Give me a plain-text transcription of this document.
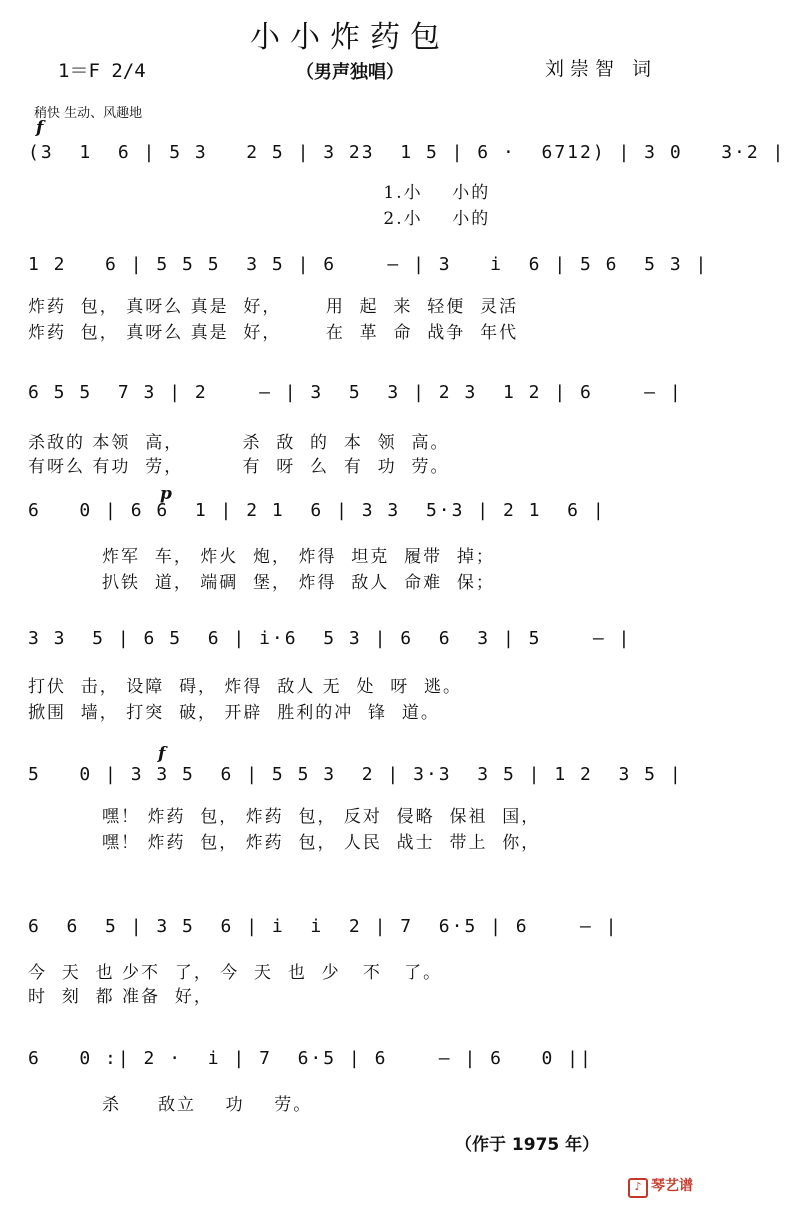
小小炸药包
1＝F 2/4	（男声独唱）	刘崇智 词
稍快 生动、风趣地
f
(3  1  6 | 5 3   2 5 | 3 23  1 5 | 6 ·  6712) | 3 0   3·2 |
1.小    小的
2.小    小的
1 2   6 | 5 5 5  3 5 | 6    — | 3   i  6 | 5 6  5 3 |
炸药  包， 真呀么 真是  好，      用  起  来  轻便  灵活
炸药  包， 真呀么 真是  好，      在  革  命  战争  年代
6 5 5  7 3 | 2    — | 3  5  3 | 2 3  1 2 | 6    — |
杀敌的 本领  高，        杀  敌  的  本  领  高。
有呀么 有功  劳，        有  呀  么  有  功  劳。
p
6   0 | 6 6  1 | 2 1  6 | 3 3  5·3 | 2 1  6 |
炸军  车， 炸火  炮， 炸得  坦克  履带  掉；
扒铁  道， 端碉  堡， 炸得  敌人  命难  保；
3 3  5 | 6 5  6 | i·6  5 3 | 6  6  3 | 5    — |
打伏  击， 设障  碍， 炸得  敌人 无  处  呀  逃。
掀围  墙， 打突  破， 开辟  胜利的冲  锋  道。
f
5   0 | 3 3 5  6 | 5 5 3  2 | 3·3  3 5 | 1 2  3 5 |
嘿！ 炸药  包， 炸药  包， 反对  侵略  保祖  国，
嘿！ 炸药  包， 炸药  包， 人民  战士  带上  你，
6  6  5 | 3 5  6 | i  i  2 | 7  6·5 | 6    — |
今  天  也 少不  了， 今  天  也  少   不   了。
时  刻  都 准备  好，
6   0 :| 2 ·  i | 7  6·5 | 6    — | 6   0 ||
杀     敌立    功    劳。
（作于 1975 年）
♪ 琴艺谱
